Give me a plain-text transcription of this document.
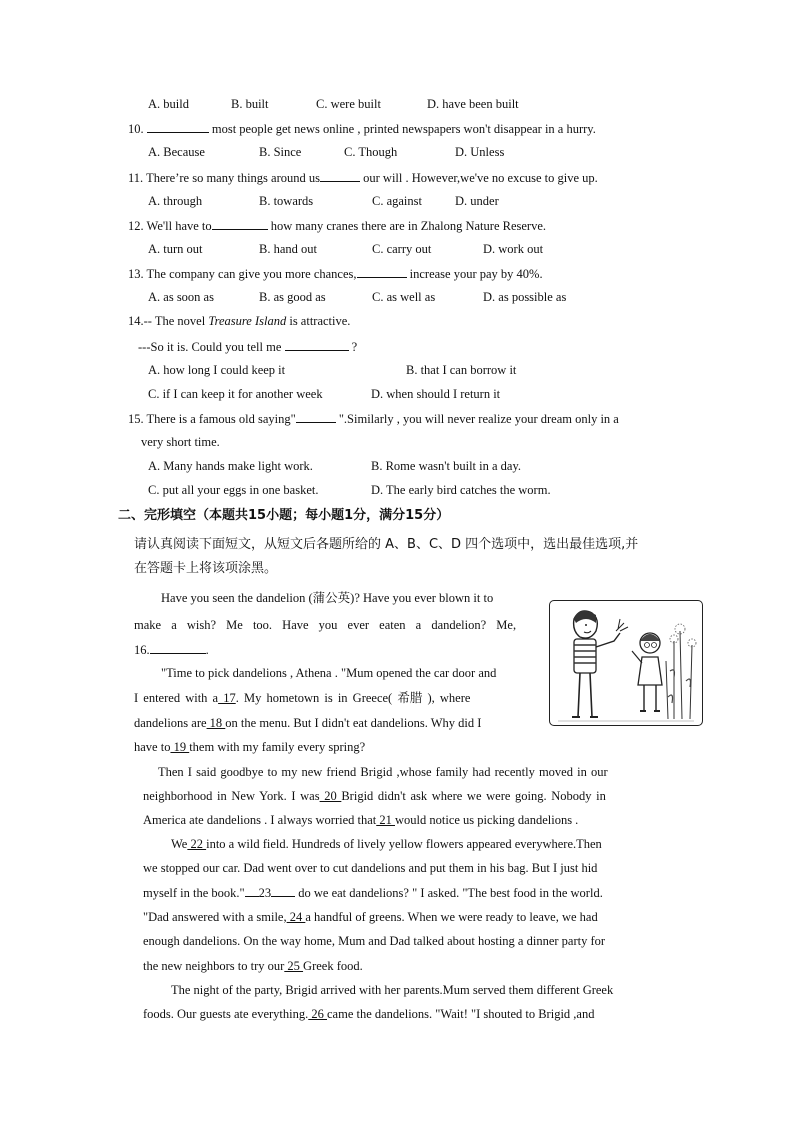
A. build	B. built	C. were built	D. have been built
10.	most people get news online , printed newspapers won't disappear in a hurry.
A. Because	B. Since	C. Though	D. Unless
11. There’re so many things around us	our will . However,we've no excuse to give up.
A. through	B. towards	C. against	D. under
12. We'll have to	how many cranes there are in Zhalong Nature Reserve.
A. turn out	B. hand out	C. carry out	D. work out
13. The company can give you more chances,	increase your pay by 40%.
A. as soon as	B. as good as	C. as well as	D. as possible as
14.-- The novel Treasure Island is attractive.
---So it is. Could you tell me	?
A. how long I could keep it	B. that I can borrow it
C. if I can keep it for another week	D. when should I return it
15. There is a famous old saying"	".Similarly , you will never realize your dream only in a
very short time.
A. Many hands make light work.	B. Rome wasn't built in a day.
C. put all your eggs in one basket.	D. The early bird catches the worm.
二、完形填空（本题共15小题；每小题1分，满分15分）
请认真阅读下面短文，从短文后各题所给的 A、B、C、D 四个选项中，选出最佳选项,并
在答题卡上将该项涂黑。
Have you seen the dandelion (蒲公英)? Have you ever blown it to
make a wish? Me too. Have you ever eaten a dandelion? Me,
16.	.
"Time to pick dandelions , Athena . "Mum opened the car door and
I entered with a 17. My hometown is in Greece( 希腊 ), where
dandelions are 18 on the menu. But I didn't eat dandelions. Why did I
have to 19 them with my family every spring?
Then I said goodbye to my new friend Brigid ,whose family had recently moved in our
neighborhood in New York. I was 20 Brigid didn't ask where we were going. Nobody in
America ate dandelions . I always worried that 21 would notice us picking dandelions .
We 22 into a wild field. Hundreds of lively yellow flowers appeared everywhere.Then
we stopped our car. Dad went over to cut dandelions and put them in his bag. But I just hid
myself in the book." 23 do we eat dandelions? " I asked. "The best food in the world.
"Dad answered with a smile, 24 a handful of greens. When we were ready to leave, we had
enough dandelions. On the way home, Mum and Dad talked about hosting a dinner party for
the new neighbors to try our 25 Greek food.
The night of the party, Brigid arrived with her parents.Mum served them different Greek
foods. Our guests ate everything. 26 came the dandelions. "Wait! "I shouted to Brigid ,and
